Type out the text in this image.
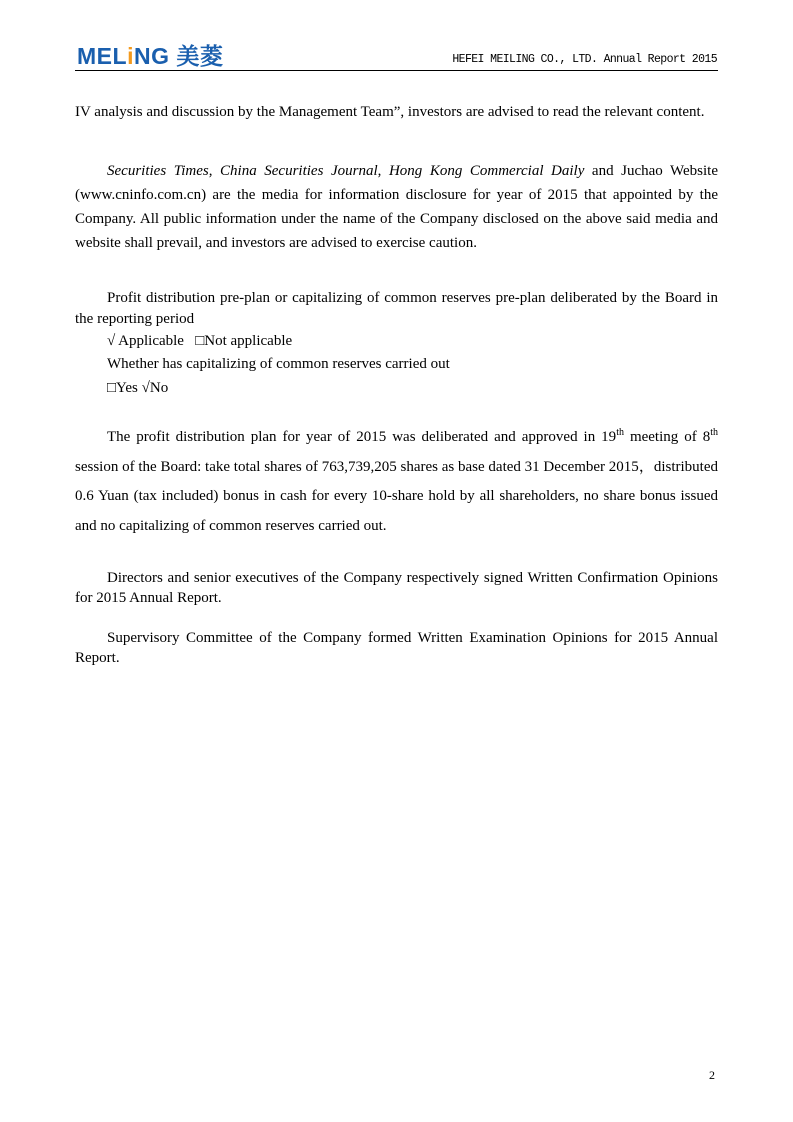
MELiNG 美菱	HEFEI MEILING CO., LTD. Annual Report 2015
IV analysis and discussion by the Management Team”, investors are advised to read the relevant content.
Securities Times, China Securities Journal, Hong Kong Commercial Daily and Juchao Website (www.cninfo.com.cn) are the media for information disclosure for year of 2015 that appointed by the Company. All public information under the name of the Company disclosed on the above said media and website shall prevail, and investors are advised to exercise caution.
Profit distribution pre-plan or capitalizing of common reserves pre-plan deliberated by the Board in the reporting period
√ Applicable   □Not applicable
Whether has capitalizing of common reserves carried out
□Yes √No
The profit distribution plan for year of 2015 was deliberated and approved in 19th meeting of 8th session of the Board: take total shares of 763,739,205 shares as base dated 31 December 2015，distributed 0.6 Yuan (tax included) bonus in cash for every 10-share hold by all shareholders, no share bonus issued and no capitalizing of common reserves carried out.
Directors and senior executives of the Company respectively signed Written Confirmation Opinions for 2015 Annual Report.
Supervisory Committee of the Company formed Written Examination Opinions for 2015 Annual Report.
2
